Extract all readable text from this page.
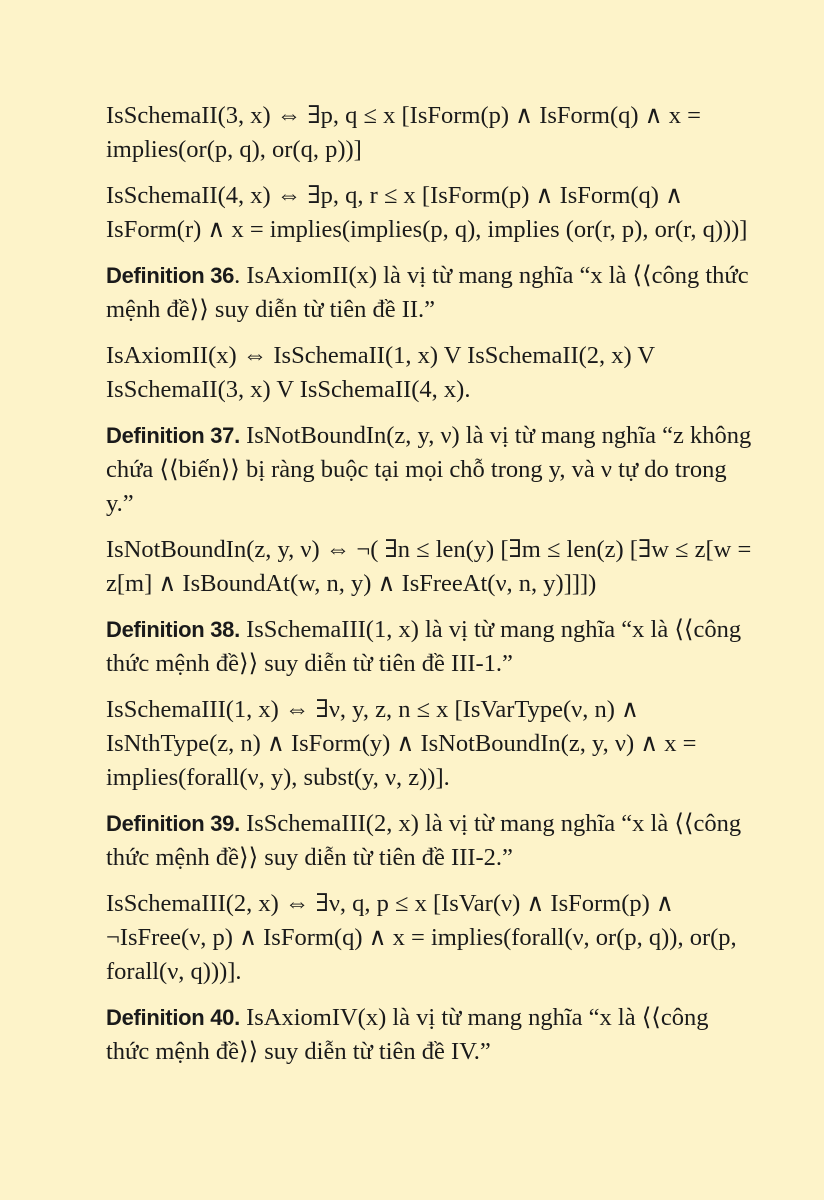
IsSchemaII(3, x) ⇔ ∃p, q ≤ x [IsForm(p) ∧ IsForm(q) ∧ x = implies(or(p, q), or(q, p))]

IsSchemaII(4, x) ⇔ ∃p, q, r ≤ x [IsForm(p) ∧ IsForm(q) ∧ IsForm(r) ∧ x = implies(implies(p, q), implies (or(r, p), or(r, q)))]

Definition 36. IsAxiomII(x) là vị từ mang nghĩa “x là ⟨⟨công thức mệnh đề⟩⟩ suy diễn từ tiên đề II.”

IsAxiomII(x) ⇔ IsSchemaII(1, x) V IsSchemaII(2, x) V IsSchemaII(3, x) V IsSchemaII(4, x).

Definition 37. IsNotBoundIn(z, y, ν) là vị từ mang nghĩa “z không chứa ⟨⟨biến⟩⟩ bị ràng buộc tại mọi chỗ trong y, và ν tự do trong y.”

IsNotBoundIn(z, y, ν) ⇔ ¬( ∃n ≤ len(y) [∃m ≤ len(z) [∃w ≤ z[w = z[m] ∧ IsBoundAt(w, n, y) ∧ IsFreeAt(ν, n, y)]]])

Definition 38. IsSchemaIII(1, x) là vị từ mang nghĩa “x là ⟨⟨công thức mệnh đề⟩⟩ suy diễn từ tiên đề III-1.”

IsSchemaIII(1, x) ⇔ ∃ν, y, z, n ≤ x [IsVarType(ν, n) ∧ IsNthType(z, n) ∧ IsForm(y) ∧ IsNotBoundIn(z, y, ν) ∧ x = implies(forall(ν, y), subst(y, ν, z))].

Definition 39. IsSchemaIII(2, x) là vị từ mang nghĩa “x là ⟨⟨công thức mệnh đề⟩⟩ suy diễn từ tiên đề III-2.”

IsSchemaIII(2, x) ⇔ ∃ν, q, p ≤ x [IsVar(ν) ∧ IsForm(p) ∧ ¬IsFree(ν, p) ∧ IsForm(q) ∧ x = implies(forall(ν, or(p, q)), or(p, forall(ν, q)))].

Definition 40. IsAxiomIV(x) là vị từ mang nghĩa “x là ⟨⟨công thức mệnh đề⟩⟩ suy diễn từ tiên đề IV.”
